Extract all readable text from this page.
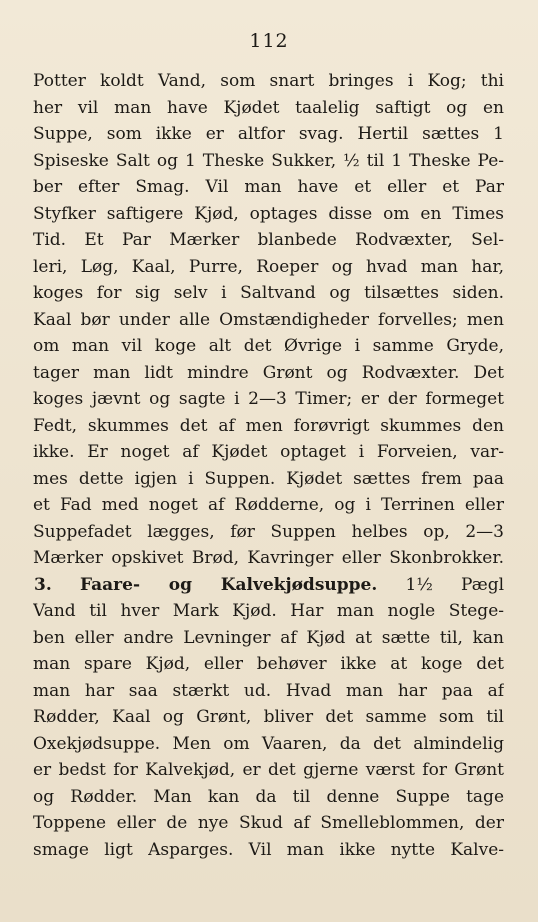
112
Potter koldt Vand, som snart bringes i Kog; thi
her vil man have Kjødet taalelig saftigt og en
Suppe, som ikke er altfor svag. Hertil sættes 1
Spiseske Salt og 1 Theske Sukker, ½ til 1 Theske Pe-
ber efter Smag. Vil man have et eller et Par
Styfker saftigere Kjød, optages disse om en Times
Tid. Et Par Mærker blanbede Rodvæxter, Sel-
leri, Løg, Kaal, Purre, Roeper og hvad man har,
koges for sig selv i Saltvand og tilsættes siden.
Kaal bør under alle Omstændigheder forvelles; men
om man vil koge alt det Øvrige i samme Gryde,
tager man lidt mindre Grønt og Rodvæxter. Det
koges jævnt og sagte i 2—3 Timer; er der formeget
Fedt, skummes det af men forøvrigt skummes den
ikke. Er noget af Kjødet optaget i Forveien, var-
mes dette igjen i Suppen. Kjødet sættes frem paa
et Fad med noget af Rødderne, og i Terrinen eller
Suppefadet lægges, før Suppen helbes op, 2—3
Mærker opskivet Brød, Kavringer eller Skonbrokker.
3. Faare- og Kalvekjødsuppe. 1½ Pægl
Vand til hver Mark Kjød. Har man nogle Stege-
ben eller andre Levninger af Kjød at sætte til, kan
man spare Kjød, eller behøver ikke at koge det
man har saa stærkt ud. Hvad man har paa af
Rødder, Kaal og Grønt, bliver det samme som til
Oxekjødsuppe. Men om Vaaren, da det almindelig
er bedst for Kalvekjød, er det gjerne værst for Grønt
og Rødder. Man kan da til denne Suppe tage
Toppene eller de nye Skud af Smelleblommen, der
smage ligt Asparges. Vil man ikke nytte Kalve-
